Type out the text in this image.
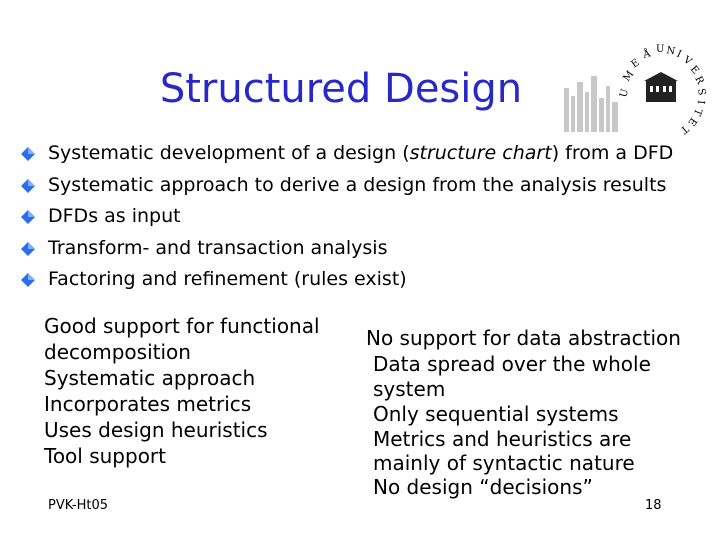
Structured Design	U
M
E
Å U N
I
V
E
R
S
I
T
E
T
Systematic development of a design (structure chart) from a DFD
Systematic approach to derive a design from the analysis results
DFDs as input
Transform- and transaction analysis
Factoring and refinement (rules exist)
Good support for functional
decomposition
Systematic approach
Incorporates metrics
Uses design heuristics
Tool support
No support for data abstraction
Data spread over the whole
system
Only sequential systems
Metrics and heuristics are
mainly of syntactic nature
No design “decisions”
PVK-Ht05	18
